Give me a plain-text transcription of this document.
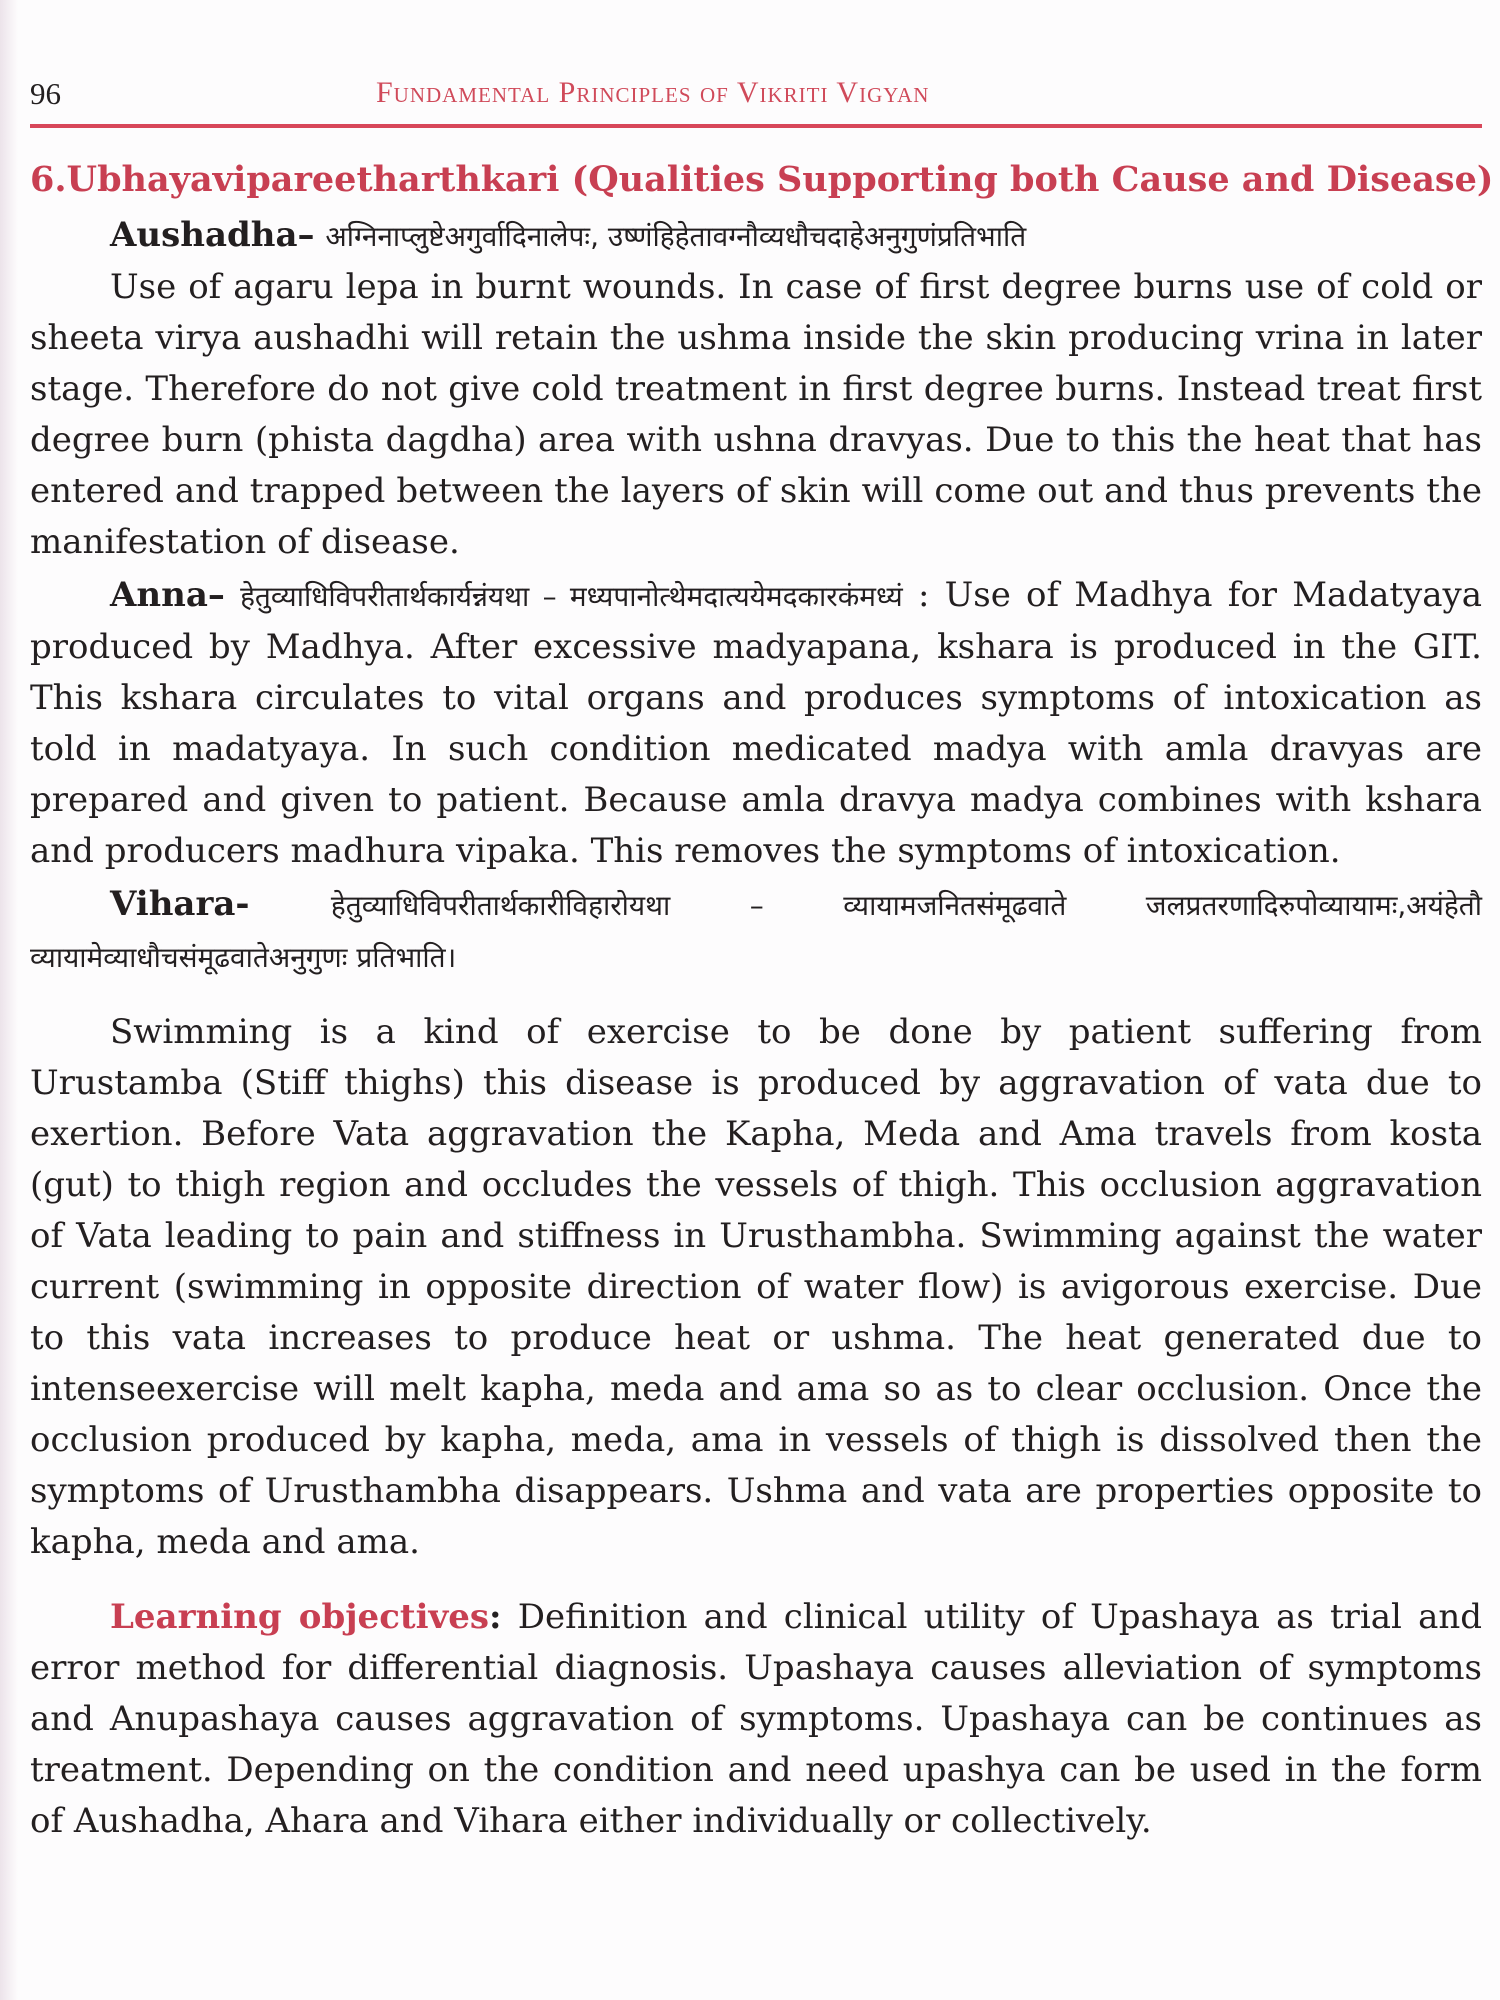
96	Fundamental Principles of Vikriti Vigyan
6. Ubhayavipareetharthkari (Qualities Supporting both Cause and Disease)

Aushadha– अग्निनाप्लुष्टेअगुर्वादिनालेपः, उष्णंहिहेतावग्नौव्यधौचदाहेअनुगुणंप्रतिभाति

Use of agaru lepa in burnt wounds. In case of first degree burns use of cold or sheeta virya aushadhi will retain the ushma inside the skin producing vrina in later stage. Therefore do not give cold treatment in first degree burns. Instead treat first degree burn (phista dagdha) area with ushna dravyas. Due to this the heat that has entered and trapped between the layers of skin will come out and thus prevents the manifestation of disease.

Anna– हेतुव्याधिविपरीतार्थकार्यन्नंयथा – मध्यपानोत्थेमदात्ययेमदकारकंमध्यं : Use of Madhya for Madatyaya produced by Madhya. After excessive madyapana, kshara is produced in the GIT. This kshara circulates to vital organs and produces symptoms of intoxication as told in madatyaya. In such condition medicated madya with amla dravyas are prepared and given to patient. Because amla dravya madya combines with kshara and producers madhura vipaka. This removes the symptoms of intoxication.

Vihara-	हेतुव्याधिविपरीतार्थकारीविहारोयथा – व्यायामजनितसंमूढवाते जलप्रतरणादिरुपोव्यायामः,अयंहेतौ व्यायामेव्याधौचसंमूढवातेअनुगुणः प्रतिभाति।

Swimming is a kind of exercise to be done by patient suffering from Urustamba (Stiff thighs) this disease is produced by aggravation of vata due to exertion. Before Vata aggravation the Kapha, Meda and Ama travels from kosta (gut) to thigh region and occludes the vessels of thigh. This occlusion aggravation of Vata leading to pain and stiffness in Urusthambha. Swimming against the water current (swimming in opposite direction of water flow) is avigorous exercise. Due to this vata increases to produce heat or ushma. The heat generated due to intenseexercise will melt kapha, meda and ama so as to clear occlusion. Once the occlusion produced by kapha, meda, ama in vessels of thigh is dissolved then the symptoms of Urusthambha disappears. Ushma and vata are properties opposite to kapha, meda and ama.

Learning objectives: Definition and clinical utility of Upashaya as trial and error method for differential diagnosis. Upashaya causes alleviation of symptoms and Anupashaya causes aggravation of symptoms. Upashaya can be continues as treatment. Depending on the condition and need upashya can be used in the form of Aushadha, Ahara and Vihara either individually or collectively.
